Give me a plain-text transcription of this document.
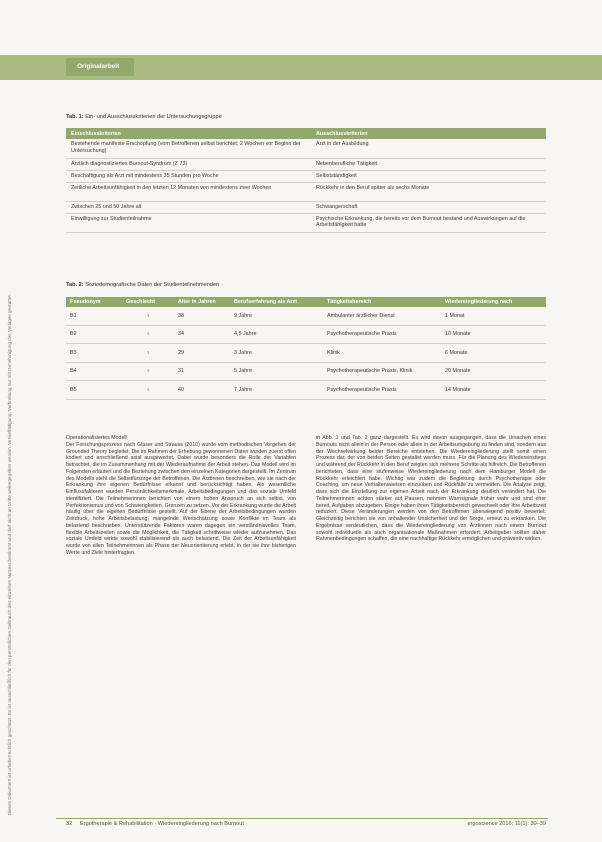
Originalarbeit
Dieses Dokument ist urheberrechtlich geschützt. Es ist ausschließlich für den persönlichen Gebrauch des einzelnen Nutzers bestimmt und darf nicht an Dritte weitergegeben werden. Vervielfältigung, Verbreitung nur mit Genehmigung des Verlages gestattet.
Tab. 1: Ein- und Ausschlusskriterien der Untersuchungsgruppe
Einschlusskriterien	Ausschlusskriterien
Bestehende manifeste Erschöpfung (vom Betroffenen selbst berichtet; 2 Wochen vor Beginn der Untersuchung)	Arzt in der Ausbildung
Ärztlich diagnostiziertes Burnout-Syndrom (Z 73)	Nebenberufliche Tätigkeit
Beschäftigung als Arzt mit mindestens 35 Stunden pro Woche	Selbstständigkeit
Zeitliche Arbeitsunfähigkeit in den letzten 12 Monaten von mindestens zwei Wochen	Rückkehr in den Beruf später als sechs Monate
Zwischen 25 und 50 Jahre alt	Schwangerschaft
Einwilligung zur Studienteilnahme	Psychische Erkrankung, die bereits vor dem Burnout bestand und Auswirkungen auf die Arbeitsfähigkeit hatte
Tab. 2: Soziodemografische Daten der Studienteilnehmenden
Pseudonym	Geschlecht	Alter in Jahren	Berufserfahrung als Arzt	Tätigkeitsbereich	Wiedereingliederung nach
B1	♀	38	9 Jahre	Ambulanter ärztlicher Dienst	1 Monat
B2	♀	34	4,5 Jahre	Psychotherapeutische Praxis	10 Monate
B3	♀	29	3 Jahre	Klinik	6 Monate
B4	♀	31	5 Jahre	Psychotherapeutische Praxis, Klinik	20 Monate
B5	♀	40	7 Jahre	Psychotherapeutische Praxis	14 Monate

Operationalisiertes Modell

Der Forschungsprozess nach Glaser und Strauss (2010) wurde vom methodischen Vorgehen der Grounded Theory begleitet. Die im Rahmen der Erhebung gewonnenen Daten wurden zuerst offen kodiert und anschließend axial ausgewertet. Dabei wurde besonders die Rolle der Variablen betrachtet, die im Zusammenhang mit der Wiederaufnahme der Arbeit stehen. Das Modell wird im Folgenden erläutert und die Beziehung zwischen den einzelnen Kategorien dargestellt. Im Zentrum des Modells steht die Selbstfürsorge der Betroffenen. Die Ärztinnen beschreiben, wie sie nach der Erkrankung ihre eigenen Bedürfnisse erkannt und berücksichtigt haben. Als wesentliche Einflussfaktoren wurden Persönlichkeitsmerkmale, Arbeitsbedingungen und das soziale Umfeld identifiziert. Die Teilnehmerinnen berichten von einem hohen Anspruch an sich selbst, von Perfektionismus und von Schwierigkeiten, Grenzen zu setzen. Vor der Erkrankung wurde die Arbeit häufig über die eigenen Bedürfnisse gestellt. Auf der Ebene der Arbeitsbedingungen wurden Zeitdruck, hohe Arbeitsbelastung, mangelnde Wertschätzung sowie Konflikte im Team als belastend beschrieben. Unterstützende Faktoren waren dagegen ein verständnisvolles Team, flexible Arbeitszeiten sowie die Möglichkeit, die Tätigkeit schrittweise wieder aufzunehmen. Das soziale Umfeld wirkte sowohl stabilisierend als auch belastend. Die Zeit der Arbeitsunfähigkeit wurde von allen Teilnehmerinnen als Phase der Neuorientierung erlebt, in der sie ihre bisherigen Werte und Ziele hinterfragten.

in Abb. 1 und Tab. 2 ganz dargestellt. Es wird davon ausgegangen, dass die Ursachen eines Burnouts nicht allein in der Person oder allein in der Arbeitsumgebung zu finden sind, sondern aus der Wechselwirkung beider Bereiche entstehen. Die Wiedereingliederung stellt somit einen Prozess dar, der von beiden Seiten gestaltet werden muss. Für die Planung des Wiedereinstiegs und während der Rückkehr in den Beruf zeigten sich mehrere Schritte als hilfreich. Die Betroffenen berichteten, dass eine stufenweise Wiedereingliederung nach dem Hamburger Modell die Rückkehr erleichtert habe. Wichtig war zudem die Begleitung durch Psychotherapie oder Coaching, um neue Verhaltensweisen einzuüben und Rückfälle zu vermeiden. Die Analyse zeigt, dass sich die Einstellung zur eigenen Arbeit nach der Erkrankung deutlich verändert hat. Die Teilnehmerinnen achten stärker auf Pausen, nehmen Warnsignale früher wahr und sind eher bereit, Aufgaben abzugeben. Einige haben ihren Tätigkeitsbereich gewechselt oder ihre Arbeitszeit reduziert. Diese Veränderungen werden von den Betroffenen überwiegend positiv bewertet. Gleichzeitig berichten sie von anhaltender Unsicherheit und der Sorge, erneut zu erkranken. Die Ergebnisse verdeutlichen, dass die Wiedereingliederung von Ärztinnen nach einem Burnout sowohl individuelle als auch organisationale Maßnahmen erfordert. Arbeitgeber sollten daher Rahmenbedingungen schaffen, die eine nachhaltige Rückkehr ermöglichen und präventiv wirken.

32 Ergotherapie & Rehabilitation · Wiedereingliederung nach Burnout	ergoscience 2016; 11(1): 30–39
